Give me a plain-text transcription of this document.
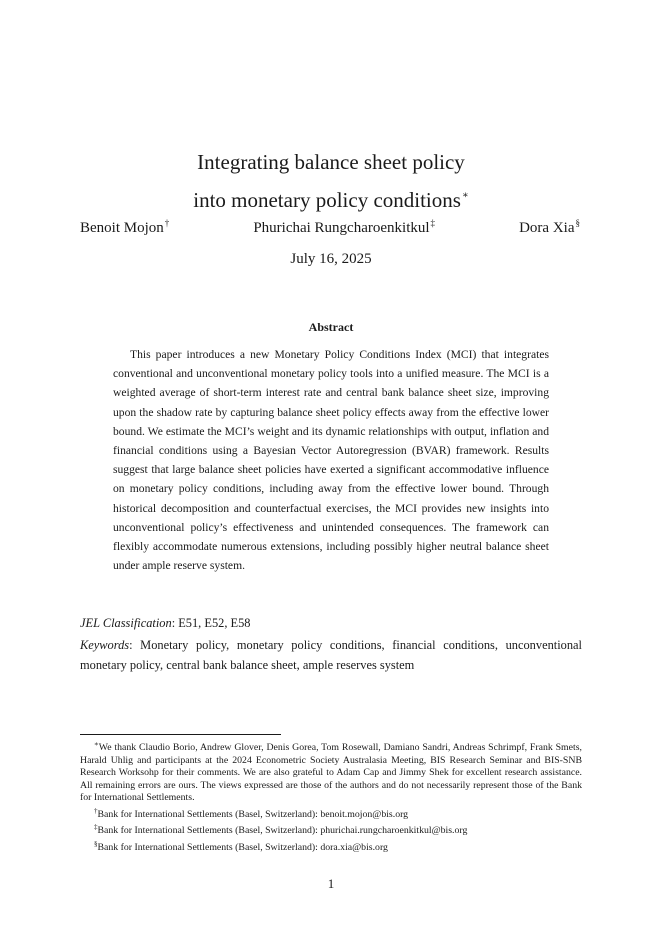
Integrating balance sheet policy
into monetary policy conditions∗
Benoit Mojon†	Phurichai Rungcharoenkitkul‡	Dora Xia§
July 16, 2025
Abstract

This paper introduces a new Monetary Policy Conditions Index (MCI) that integrates conventional and unconventional monetary policy tools into a unified measure. The MCI is a weighted average of short-term interest rate and central bank balance sheet size, improving upon the shadow rate by capturing balance sheet policy effects away from the effective lower bound. We estimate the MCI’s weight and its dynamic relationships with output, inflation and financial conditions using a Bayesian Vector Autoregression (BVAR) framework. Results suggest that large balance sheet policies have exerted a significant accommodative influence on monetary policy conditions, including away from the effective lower bound. Through historical decomposition and counterfactual exercises, the MCI provides new insights into unconventional policy’s effectiveness and unintended consequences. The framework can flexibly accommodate numerous extensions, including possibly higher neutral balance sheet under ample reserve system.

JEL Classification: E51, E52, E58
Keywords: Monetary policy, monetary policy conditions, financial conditions, unconventional monetary policy, central bank balance sheet, ample reserves system

∗We thank Claudio Borio, Andrew Glover, Denis Gorea, Tom Rosewall, Damiano Sandri, Andreas Schrimpf, Frank Smets, Harald Uhlig and participants at the 2024 Econometric Society Australasia Meeting, BIS Research Seminar and BIS-SNB Research Worksohp for their comments. We are also grateful to Adam Cap and Jimmy Shek for excellent research assistance. All remaining errors are ours. The views expressed are those of the authors and do not necessarily represent those of the Bank for International Settlements.

†Bank for International Settlements (Basel, Switzerland): benoit.mojon@bis.org

‡Bank for International Settlements (Basel, Switzerland): phurichai.rungcharoenkitkul@bis.org

§Bank for International Settlements (Basel, Switzerland): dora.xia@bis.org

1
